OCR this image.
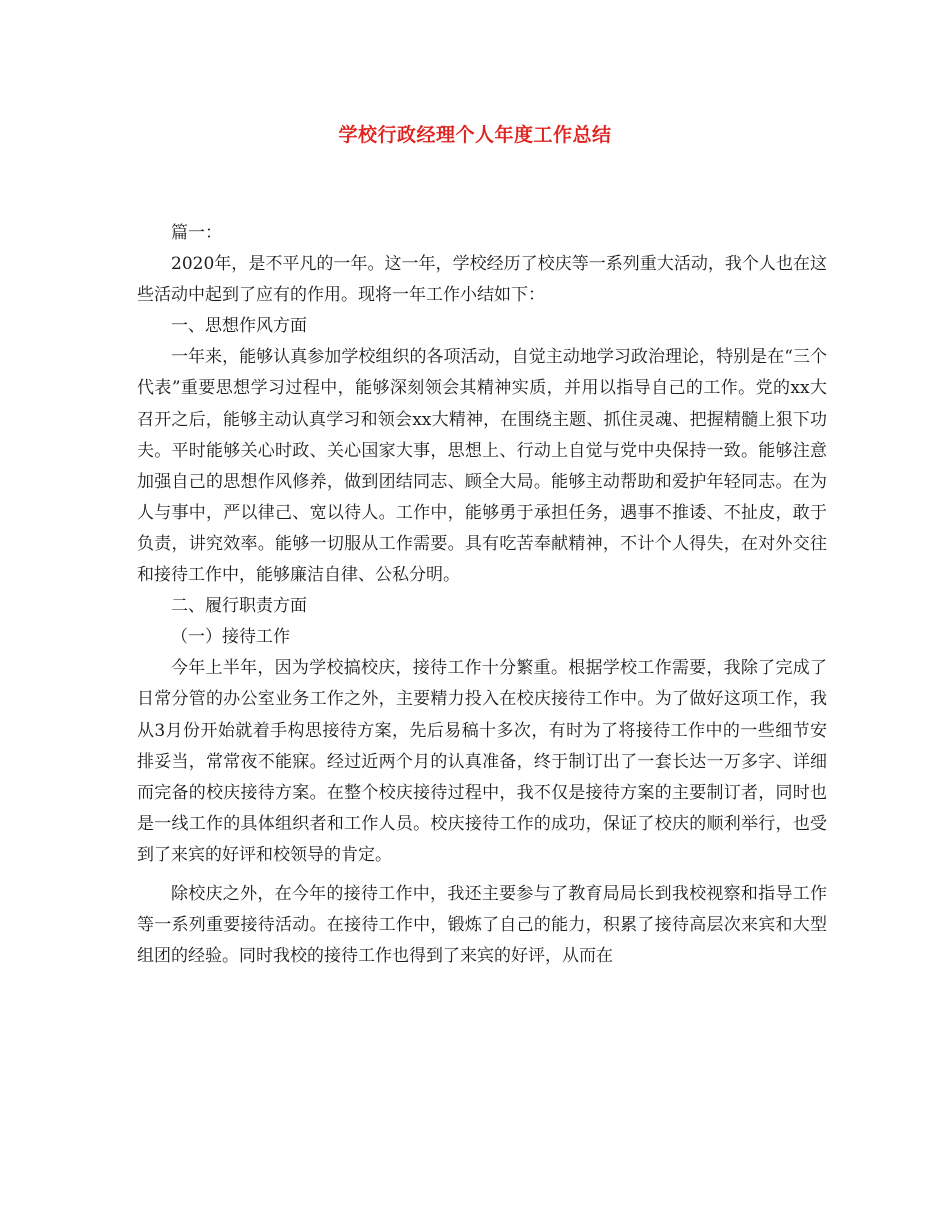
学校行政经理个人年度工作总结

篇一：

2020年，是不平凡的一年。这一年，学校经历了校庆等一系列重大活动，我个人也在这些活动中起到了应有的作用。现将一年工作小结如下：

一、思想作风方面

一年来，能够认真参加学校组织的各项活动，自觉主动地学习政治理论，特别是在“三个代表”重要思想学习过程中，能够深刻领会其精神实质，并用以指导自己的工作。党的xx大召开之后，能够主动认真学习和领会xx大精神，在围绕主题、抓住灵魂、把握精髓上狠下功夫。平时能够关心时政、关心国家大事，思想上、行动上自觉与党中央保持一致。能够注意加强自己的思想作风修养，做到团结同志、顾全大局。能够主动帮助和爱护年轻同志。在为人与事中，严以律己、宽以待人。工作中，能够勇于承担任务，遇事不推诿、不扯皮，敢于负责，讲究效率。能够一切服从工作需要。具有吃苦奉献精神，不计个人得失，在对外交往和接待工作中，能够廉洁自律、公私分明。

二、履行职责方面

（一）接待工作

今年上半年，因为学校搞校庆，接待工作十分繁重。根据学校工作需要，我除了完成了日常分管的办公室业务工作之外，主要精力投入在校庆接待工作中。为了做好这项工作，我从3月份开始就着手构思接待方案，先后易稿十多次，有时为了将接待工作中的一些细节安排妥当，常常夜不能寐。经过近两个月的认真准备，终于制订出了一套长达一万多字、详细而完备的校庆接待方案。在整个校庆接待过程中，我不仅是接待方案的主要制订者，同时也是一线工作的具体组织者和工作人员。校庆接待工作的成功，保证了校庆的顺利举行，也受到了来宾的好评和校领导的肯定。

除校庆之外，在今年的接待工作中，我还主要参与了教育局局长到我校视察和指导工作等一系列重要接待活动。在接待工作中，锻炼了自己的能力，积累了接待高层次来宾和大型组团的经验。同时我校的接待工作也得到了来宾的好评，从而在
